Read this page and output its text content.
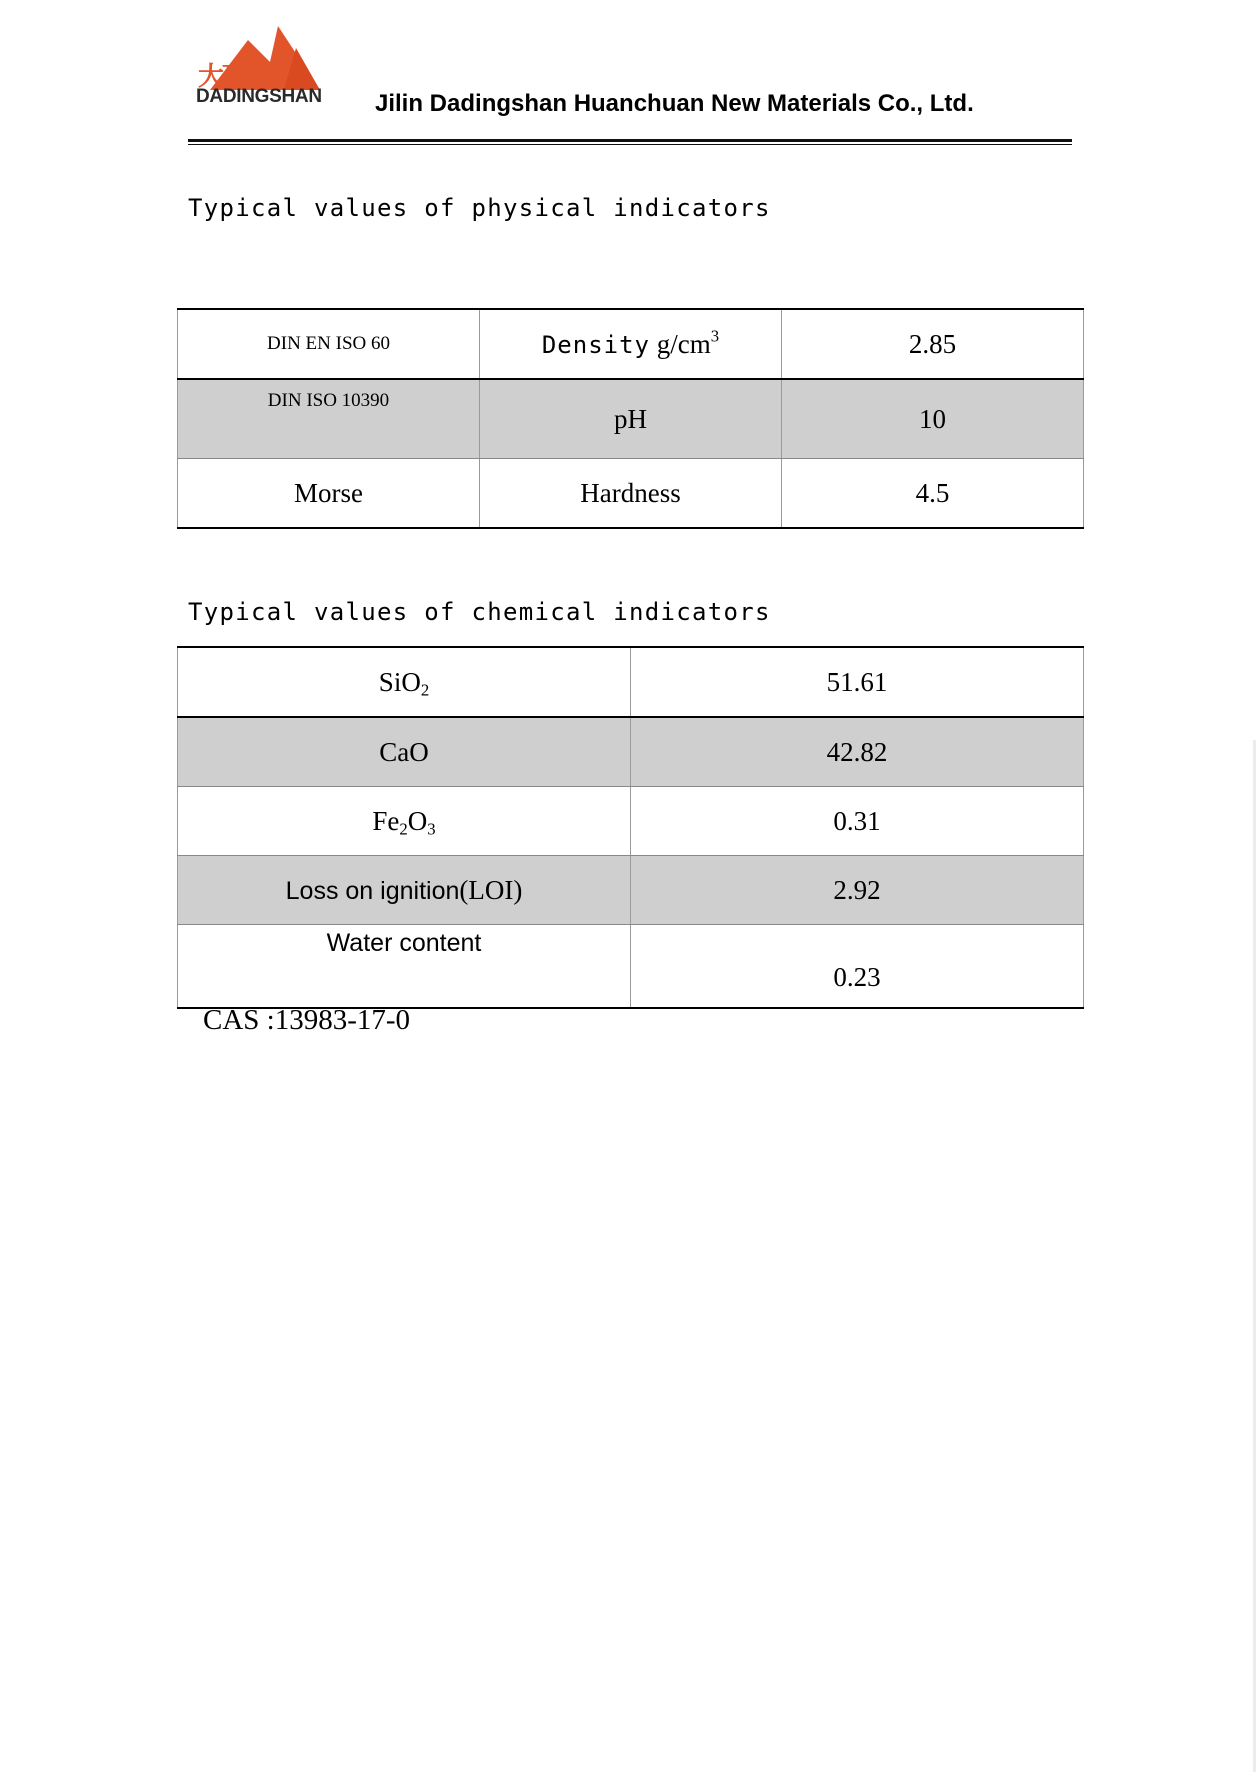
大顶
DADINGSHAN Jilin Dadingshan Huanchuan New Materials Co., Ltd.
Typical values of physical indicators
DIN EN ISO 60	Density $g/cm^3$	2.85
DIN ISO 10390	pH	10
Morse	Hardness	4.5
Typical values of chemical indicators
SiO$_2$	51.61
CaO	42.82
$Fe_2O_3$	0.31
Loss on ignition(LOI)	2.92
Water content	0.23
CAS :13983-17-0
